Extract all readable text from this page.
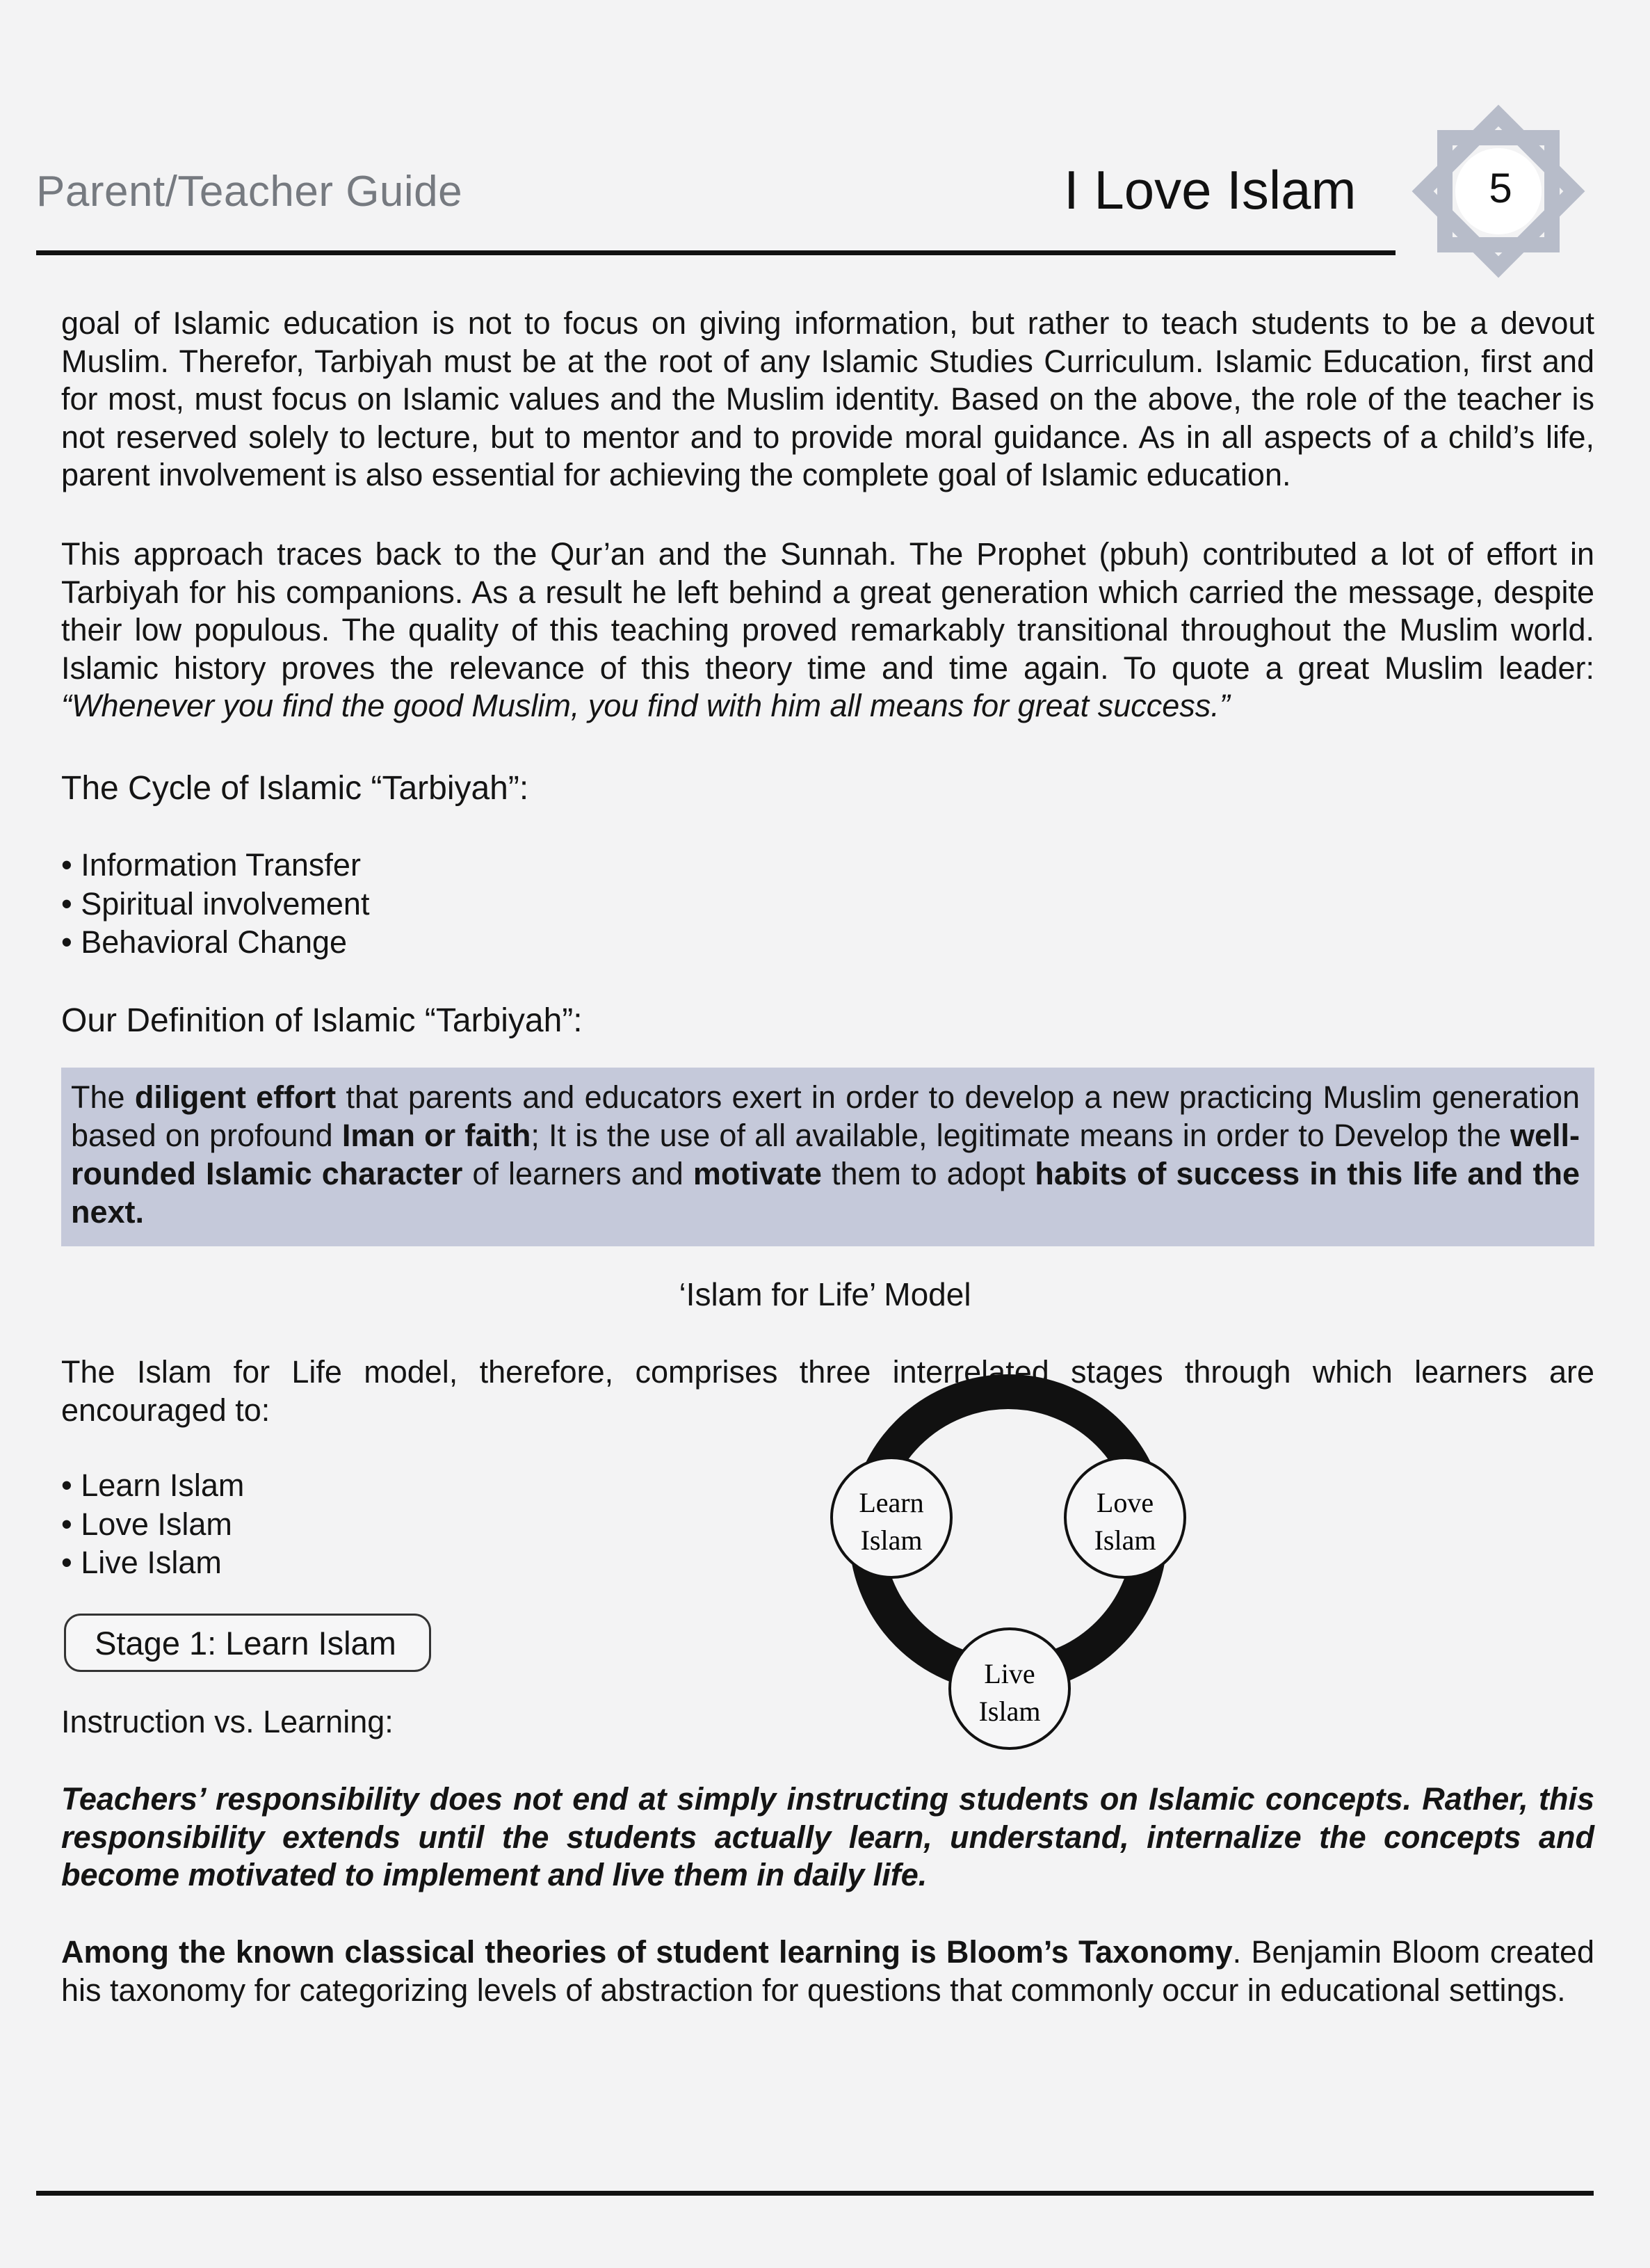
Parent/Teacher Guide	I Love Islam	5

goal of Islamic education is not to focus on giving information, but rather to teach students to be a devout Muslim. Therefor, Tarbiyah must be at the root of any Islamic Studies Curriculum. Islamic Education, first and for most, must focus on Islamic values and the Muslim identity. Based on the above, the role of the teacher is not reserved solely to lecture, but to mentor and to provide moral guidance. As in all aspects of a child’s life, parent involvement is also essential for achieving the complete goal of Islamic education.

This approach traces back to the Qur’an and the Sunnah. The Prophet (pbuh) contributed a lot of effort in Tarbiyah for his companions. As a result he left behind a great generation which carried the message, despite their low populous. The quality of this teaching proved remarkably transitional throughout the Muslim world. Islamic history proves the relevance of this theory time and time again. To quote a great Muslim leader: “Whenever you find the good Muslim, you find with him all means for great success.”

The Cycle of Islamic “Tarbiyah”:
• Information Transfer
• Spiritual involvement
• Behavioral Change
Our Definition of Islamic “Tarbiyah”:

The diligent effort that parents and educators exert in order to develop a new practicing Muslim generation based on profound Iman or faith; It is the use of all available, legitimate means in order to Develop the well-rounded Islamic character of learners and motivate them to adopt habits of success in this life and the next.

‘Islam for Life’ Model

The Islam for Life model, therefore, comprises three interrelated stages through which learners are encouraged to:

• Learn Islam
• Love Islam
• Live Islam
Learn
Islam
Love
Islam
Live
Islam
Stage 1: Learn Islam
Instruction vs. Learning:

Teachers’ responsibility does not end at simply instructing students on Islamic concepts. Rather, this responsibility extends until the students actually learn, understand, internalize the concepts and become motivated to implement and live them in daily life.

Among the known classical theories of student learning is Bloom’s Taxonomy. Benjamin Bloom created his taxonomy for categorizing levels of abstraction for questions that commonly occur in educational settings.
